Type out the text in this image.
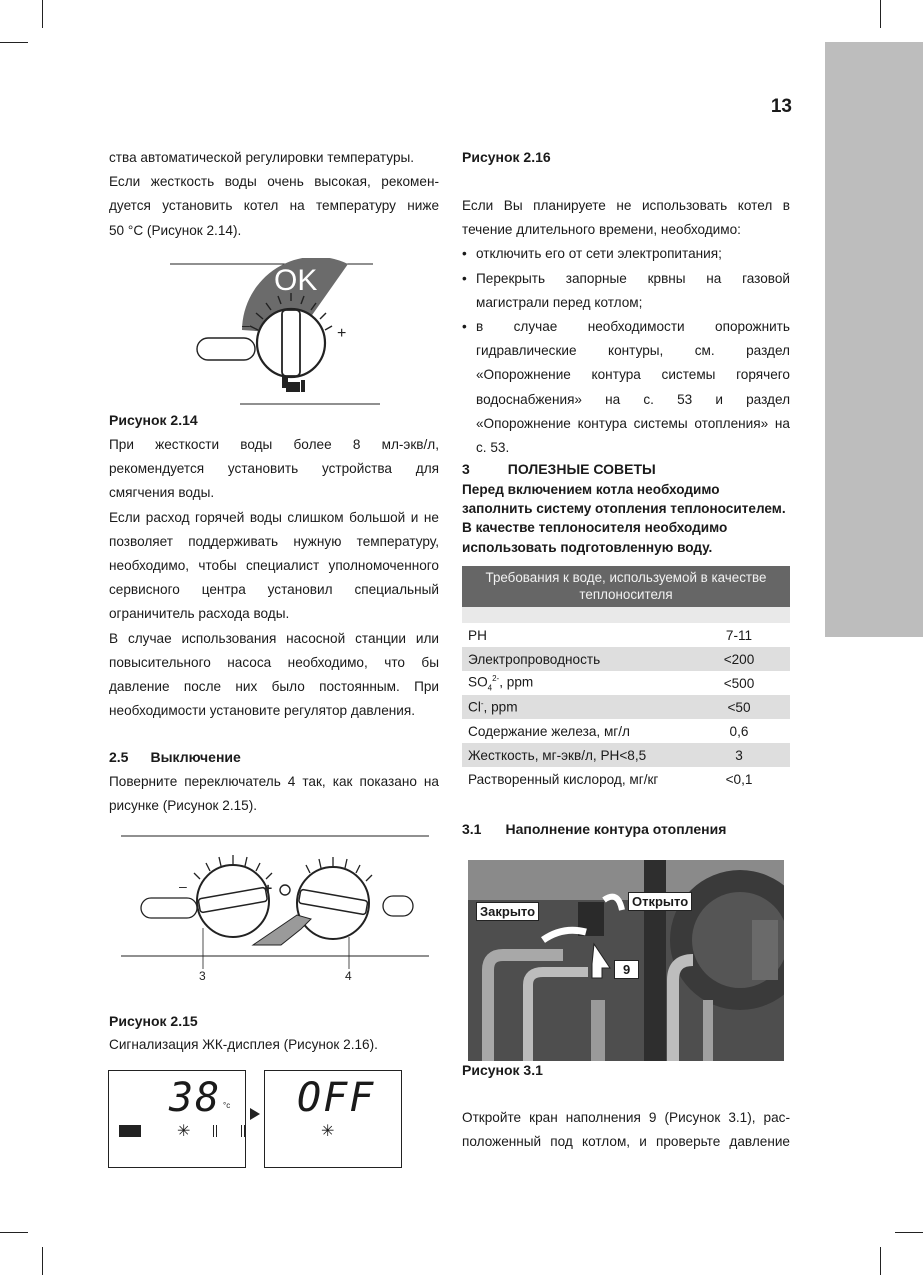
13
ства автоматической регулировки температуры.
Если жесткость воды очень высокая, рекомен-
дуется установить котел на температуру ниже
50 °C (Рисунок 2.14).
OK
–	+
Рисунок 2.14

При жесткости воды более 8 мл-экв/л, рекомендуется установить устройства для смягчения воды.

Если расход горячей воды слишком большой и не позволяет поддерживать нужную температуру, необходимо, чтобы специалист уполномоченного сервисного центра установил специальный ограничитель расхода воды.

В случае использования насосной станции или повысительного насоса необходимо, что бы давление после них было постоянным. При необходимости установите регулятор давления.

2.5 Выключение
Поверните переключатель 4 так, как показано на рисунке (Рисунок 2.15).
–	+
3	4
Рисунок 2.15
Сигнализация ЖК-дисплея (Рисунок 2.16).
38 °c
✳
OFF
✳
Рисунок 2.16

Если Вы планируете не использовать котел в течение длительного времени, необходимо:

• отключить его от сети электропитания;
• Перекрыть запорные крвны на газовой магистрали перед котлом;
• в случае необходимости опорожнить гидравлические контуры, см. раздел «Опорожнение контура системы горячего водоснабжения» на с. 53 и раздел «Опорожнение контура системы отопления» на с. 53.
3	ПОЛЕЗНЫЕ СОВЕТЫ
Перед включением котла необходимо заполнить систему отопления теплоносителем. В качестве теплоносителя необходимо использовать подготовленную воду.
Требования к воде, используемой в качестве теплоносителя	

PH	7-11
Электропроводность	<200
$SO_4^{2-}$, ppm	<500
Cl-, ppm	<50
Содержание железа, мг/л	0,6
Жесткость, мг-экв/л, PH<8,5	3
Растворенный кислород, мг/кг	<0,1
3.1 Наполнение контура отопления
Закрыто
Открыто
9
Рисунок 3.1
Откройте кран наполнения 9 (Рисунок 3.1), рас-
положенный под котлом, и проверьте давление
